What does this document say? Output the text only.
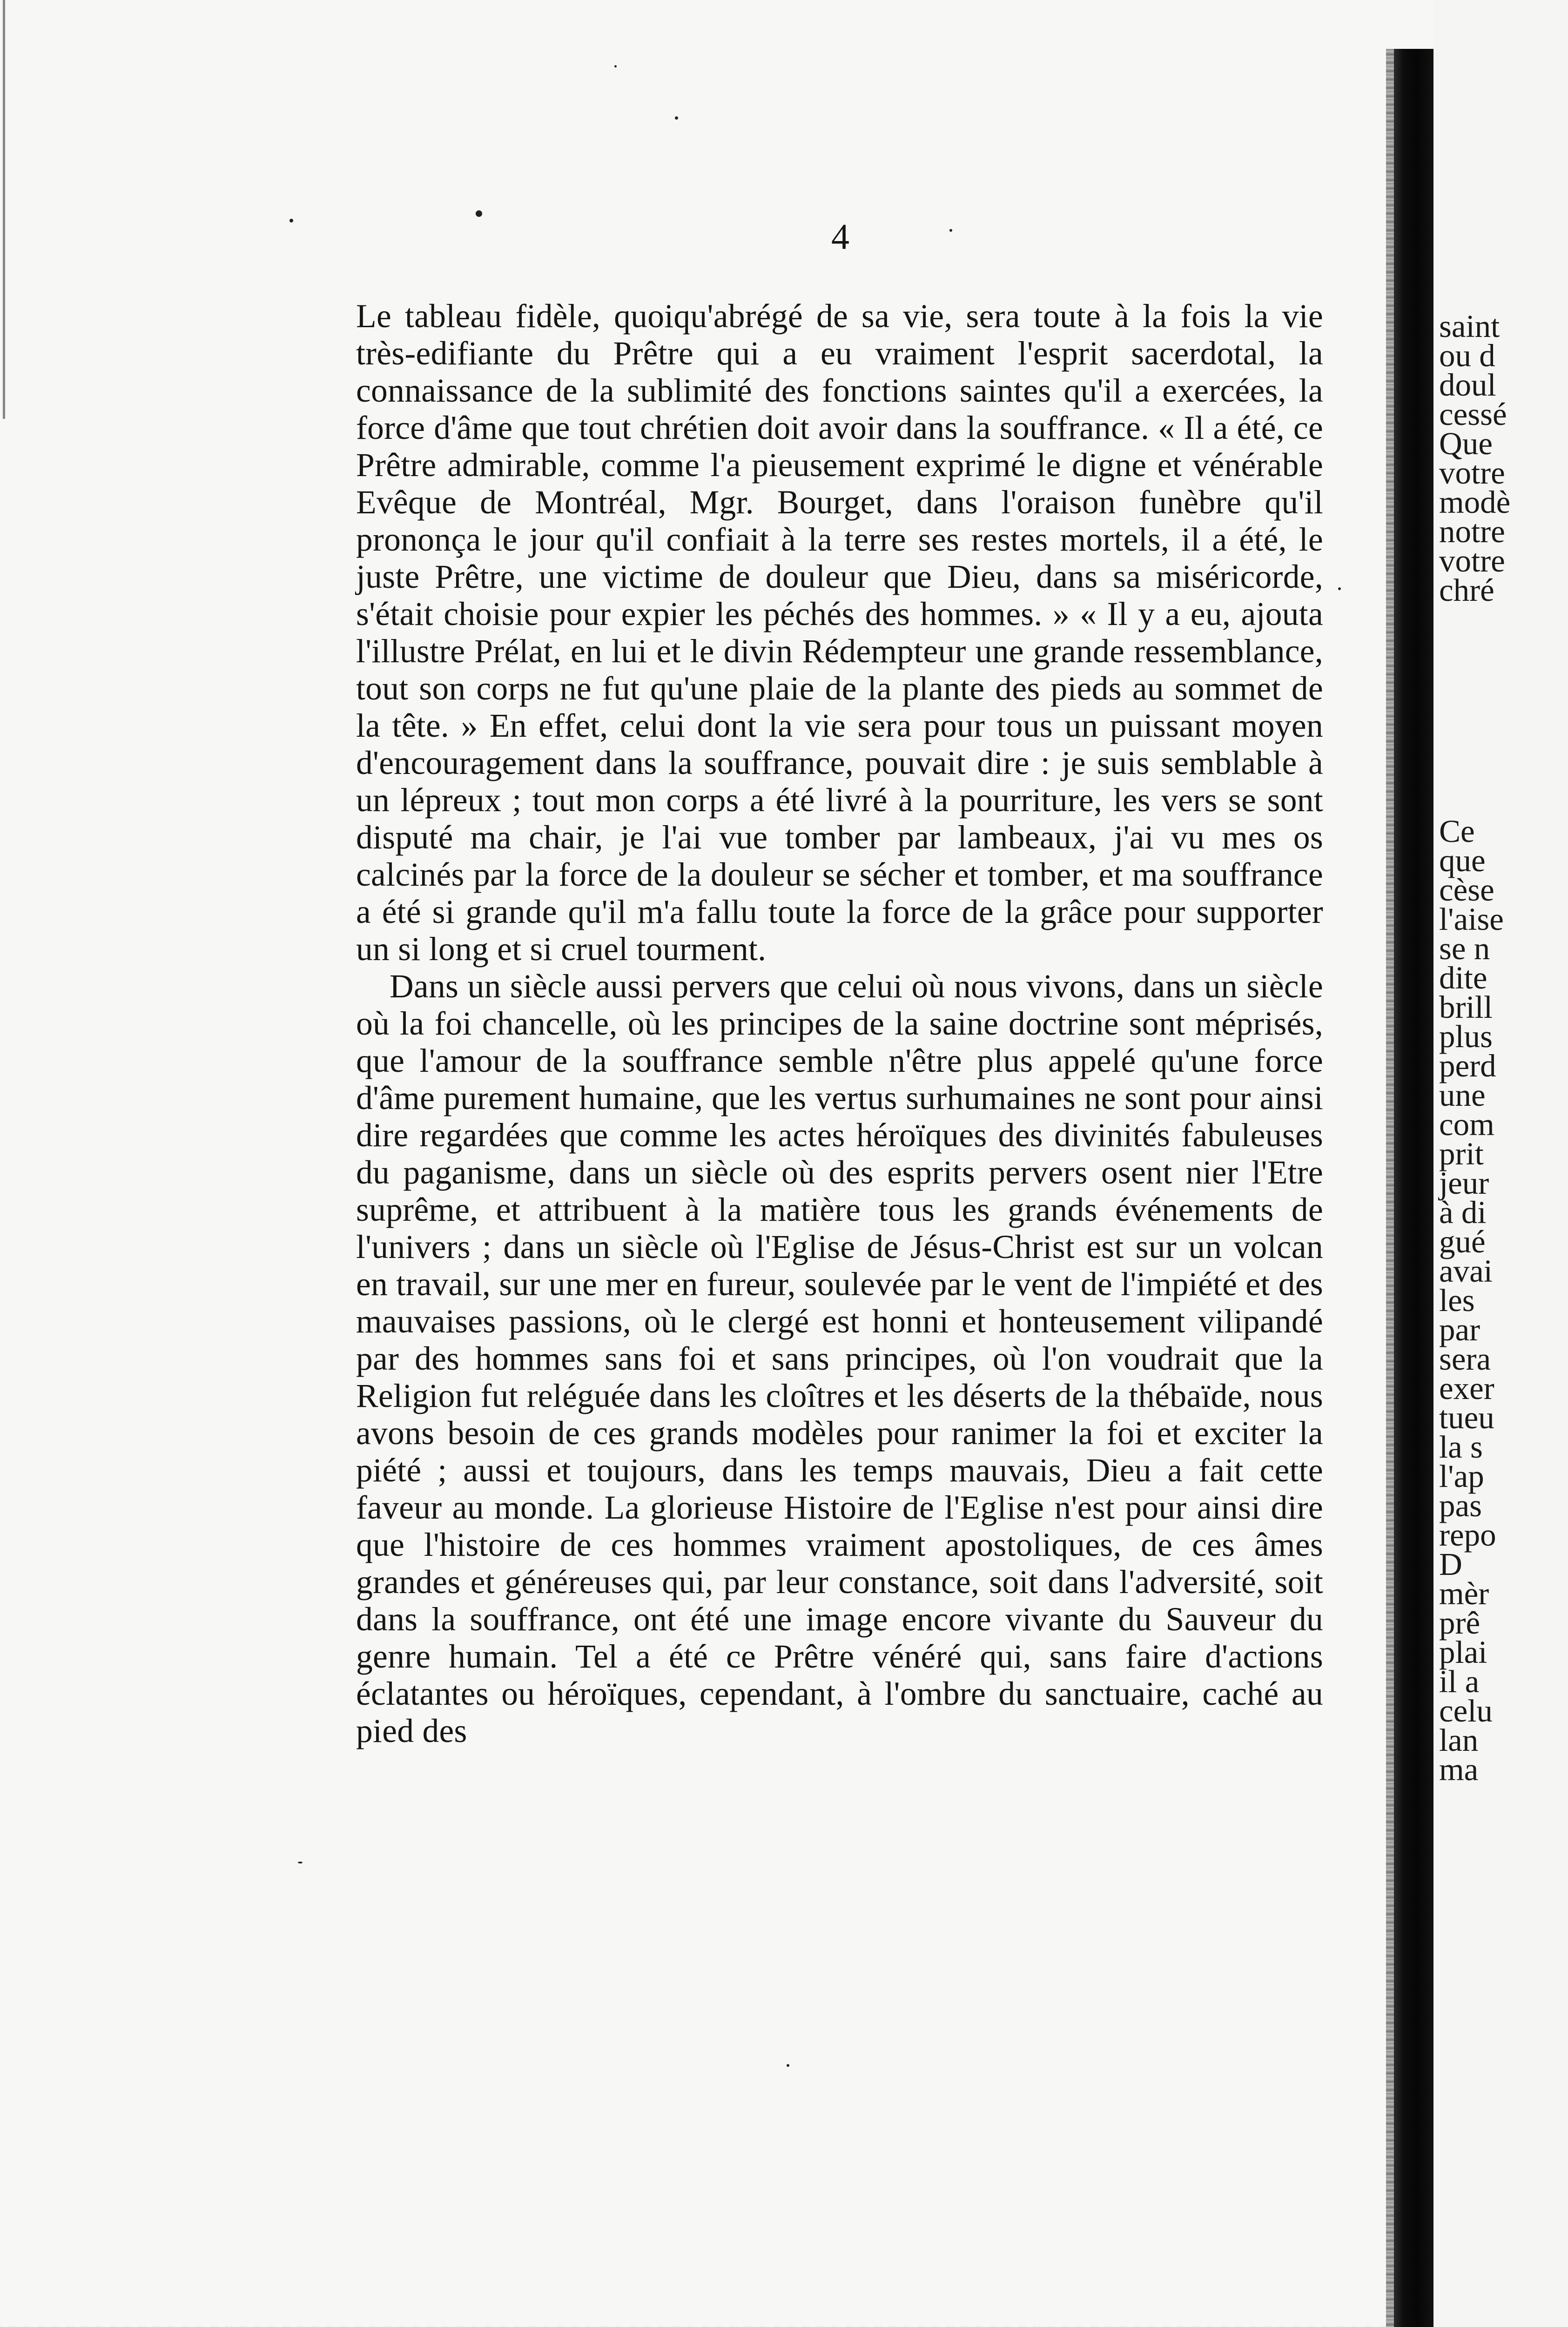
4

Le tableau fidèle, quoiqu'abrégé de sa vie, sera toute à la fois la vie très-edifiante du Prêtre qui a eu vraiment l'esprit sacerdotal, la connaissance de la sublimité des fonctions saintes qu'il a exercées, la force d'âme que tout chrétien doit avoir dans la souffrance. « Il a été, ce Prêtre admirable, comme l'a pieusement exprimé le digne et vénérable Evêque de Montréal, Mgr. Bourget, dans l'oraison funèbre qu'il prononça le jour qu'il confiait à la terre ses restes mortels, il a été, le juste Prêtre, une victime de douleur que Dieu, dans sa miséricorde, s'était choisie pour expier les péchés des hommes. » « Il y a eu, ajouta l'illustre Prélat, en lui et le divin Rédempteur une grande ressemblance, tout son corps ne fut qu'une plaie de la plante des pieds au sommet de la tête. » En effet, celui dont la vie sera pour tous un puissant moyen d'encouragement dans la souffrance, pouvait dire : je suis semblable à un lépreux ; tout mon corps a été livré à la pourriture, les vers se sont disputé ma chair, je l'ai vue tomber par lambeaux, j'ai vu mes os calcinés par la force de la douleur se sécher et tomber, et ma souffrance a été si grande qu'il m'a fallu toute la force de la grâce pour supporter un si long et si cruel tourment.

Dans un siècle aussi pervers que celui où nous vivons, dans un siècle où la foi chancelle, où les principes de la saine doctrine sont méprisés, que l'amour de la souffrance semble n'être plus appelé qu'une force d'âme purement humaine, que les vertus surhumaines ne sont pour ainsi dire regardées que comme les actes héroïques des divinités fabuleuses du paganisme, dans un siècle où des esprits pervers osent nier l'Etre suprême, et attribuent à la matière tous les grands événements de l'univers ; dans un siècle où l'Eglise de Jésus-Christ est sur un volcan en travail, sur une mer en fureur, soulevée par le vent de l'impiété et des mauvaises passions, où le clergé est honni et honteusement vilipandé par des hommes sans foi et sans principes, où l'on voudrait que la Religion fut reléguée dans les cloîtres et les déserts de la thébaïde, nous avons besoin de ces grands modèles pour ranimer la foi et exciter la piété ; aussi et toujours, dans les temps mauvais, Dieu a fait cette faveur au monde. La glorieuse Histoire de l'Eglise n'est pour ainsi dire que l'histoire de ces hommes vraiment apostoliques, de ces âmes grandes et généreuses qui, par leur constance, soit dans l'adversité, soit dans la souffrance, ont été une image encore vivante du Sauveur du genre humain. Tel a été ce Prêtre vénéré qui, sans faire d'actions éclatantes ou héroïques, cependant, à l'ombre du sanctuaire, caché au pied des

saint
ou d
doul
cessé
Que
votre
modè
notre
votre
chré
Ce
que
cèse
l'aise
se n
dite
brill
plus
perd
une
com
prit
jeur
à di
gué
avai
les
par
sera
exer
tueu
la s
l'ap
pas
repo
D
mèr
prê
plai
il a
celu
lan
ma
